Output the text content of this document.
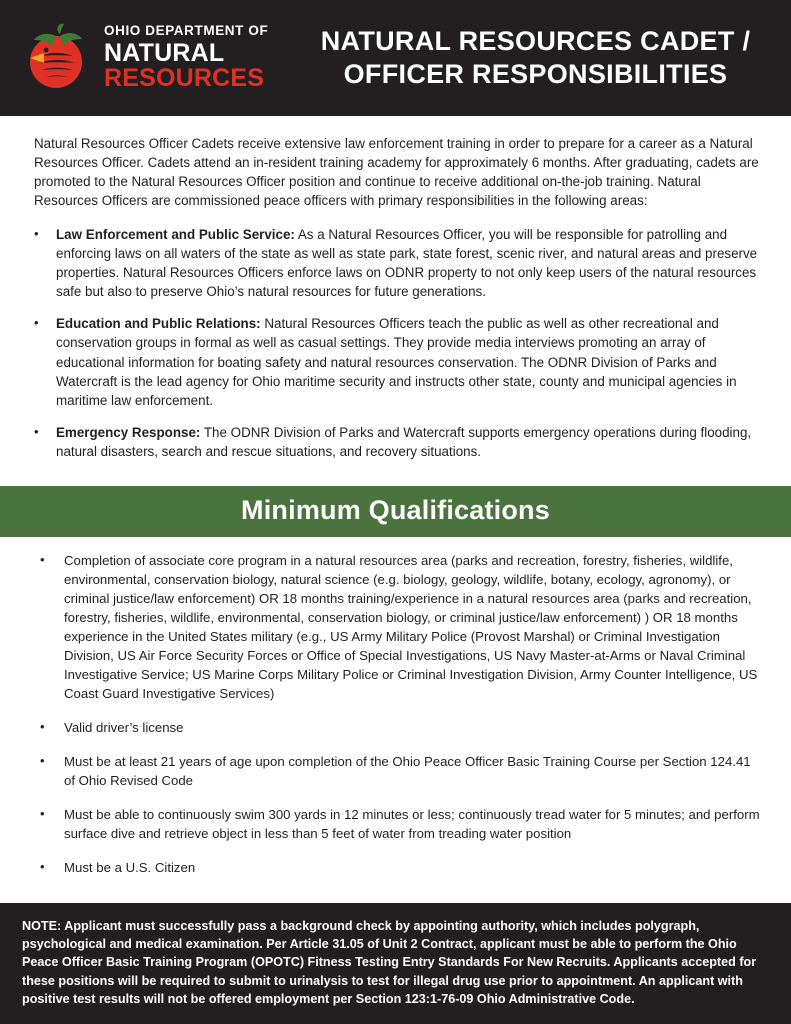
OHIO DEPARTMENT OF
NATURAL
RESOURCES
NATURAL RESOURCES CADET /
OFFICER RESPONSIBILITIES
Natural Resources Officer Cadets receive extensive law enforcement training in order to prepare for a career as a Natural Resources Officer. Cadets attend an in-resident training academy for approximately 6 months. After graduating, cadets are promoted to the Natural Resources Officer position and continue to receive additional on-the-job training. Natural Resources Officers are commissioned peace officers with primary responsibilities in the following areas:
•	Law Enforcement and Public Service: As a Natural Resources Officer, you will be responsible for patrolling and enforcing laws on all waters of the state as well as state park, state forest, scenic river, and natural areas and preserve properties. Natural Resources Officers enforce laws on ODNR property to not only keep users of the natural resources safe but also to preserve Ohio’s natural resources for future generations.
•	Education and Public Relations: Natural Resources Officers teach the public as well as other recreational and conservation groups in formal as well as casual settings. They provide media interviews promoting an array of educational information for boating safety and natural resources conservation. The ODNR Division of Parks and Watercraft is the lead agency for Ohio maritime security and instructs other state, county and municipal agencies in maritime law enforcement.
•	Emergency Response: The ODNR Division of Parks and Watercraft supports emergency operations during flooding, natural disasters, search and rescue situations, and recovery situations.
Minimum Qualifications
•	Completion of associate core program in a natural resources area (parks and recreation, forestry, fisheries, wildlife, environmental, conservation biology, natural science (e.g. biology, geology, wildlife, botany, ecology, agronomy), or criminal justice/law enforcement) OR 18 months training/experience in a natural resources area (parks and recreation, forestry, fisheries, wildlife, environmental, conservation biology, or criminal justice/law enforcement) ) OR 18 months experience in the United States military (e.g., US Army Military Police (Provost Marshal) or Criminal Investigation Division, US Air Force Security Forces or Office of Special Investigations, US Navy Master-at-Arms or Naval Criminal Investigative Service; US Marine Corps Military Police or Criminal Investigation Division, Army Counter Intelligence, US Coast Guard Investigative Services)
•	Valid driver’s license
•	Must be at least 21 years of age upon completion of the Ohio Peace Officer Basic Training Course per Section 124.41 of Ohio Revised Code
•	Must be able to continuously swim 300 yards in 12 minutes or less; continuously tread water for 5 minutes; and perform surface dive and retrieve object in less than 5 feet of water from treading water position
•	Must be a U.S. Citizen
NOTE: Applicant must successfully pass a background check by appointing authority, which includes polygraph, psychological and medical examination. Per Article 31.05 of Unit 2 Contract, applicant must be able to perform the Ohio Peace Officer Basic Training Program (OPOTC) Fitness Testing Entry Standards For New Recruits. Applicants accepted for these positions will be required to submit to urinalysis to test for illegal drug use prior to appointment. An applicant with positive test results will not be offered employment per Section 123:1-76-09 Ohio Administrative Code.
